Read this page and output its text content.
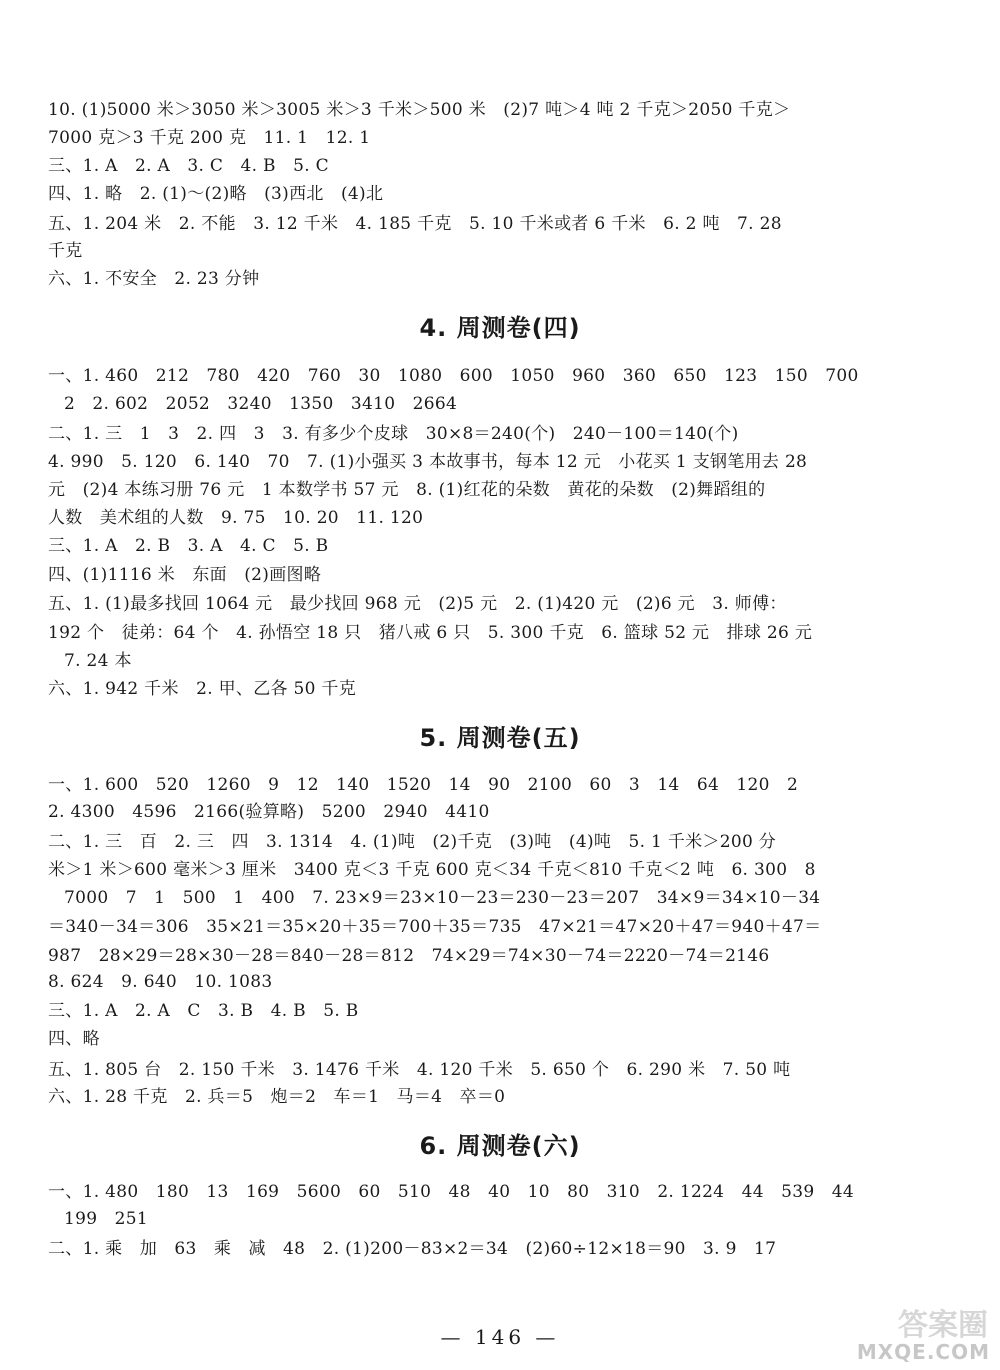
10. (1)5000 米＞3050 米＞3005 米＞3 千米＞500 米　(2)7 吨＞4 吨 2 千克＞2050 千克＞
7000 克＞3 千克 200 克　11. 1　12. 1
三、1. A　2. A　3. C　4. B　5. C
四、1. 略　2. (1)～(2)略　(3)西北　(4)北
五、1. 204 米　2. 不能　3. 12 千米　4. 185 千克　5. 10 千米或者 6 千米　6. 2 吨　7. 28
千克
六、1. 不安全　2. 23 分钟
4. 周测卷(四)
一、1. 460　212　780　420　760　30　1080　600　1050　960　360　650　123　150　700
2　2. 602　2052　3240　1350　3410　2664
二、1. 三　1　3　2. 四　3　3. 有多少个皮球　30×8＝240(个)　240－100＝140(个)
4. 990　5. 120　6. 140　70　7. (1)小强买 3 本故事书，每本 12 元　小花买 1 支钢笔用去 28
元　(2)4 本练习册 76 元　1 本数学书 57 元　8. (1)红花的朵数　黄花的朵数　(2)舞蹈组的
人数　美术组的人数　9. 75　10. 20　11. 120
三、1. A　2. B　3. A　4. C　5. B
四、(1)1116 米　东面　(2)画图略
五、1. (1)最多找回 1064 元　最少找回 968 元　(2)5 元　2. (1)420 元　(2)6 元　3. 师傅：
192 个　徒弟：64 个　4. 孙悟空 18 只　猪八戒 6 只　5. 300 千克　6. 篮球 52 元　排球 26 元
7. 24 本
六、1. 942 千米　2. 甲、乙各 50 千克
5. 周测卷(五)
一、1. 600　520　1260　9　12　140　1520　14　90　2100　60　3　14　64　120　2
2. 4300　4596　2166(验算略)　5200　2940　4410
二、1. 三　百　2. 三　四　3. 1314　4. (1)吨　(2)千克　(3)吨　(4)吨　5. 1 千米＞200 分
米＞1 米＞600 毫米＞3 厘米　3400 克＜3 千克 600 克＜34 千克＜810 千克＜2 吨　6. 300　8
7000　7　1　500　1　400　7. 23×9＝23×10－23＝230－23＝207　34×9＝34×10－34
＝340－34＝306　35×21＝35×20＋35＝700＋35＝735　47×21＝47×20＋47＝940＋47＝
987　28×29＝28×30－28＝840－28＝812　74×29＝74×30－74＝2220－74＝2146
8. 624　9. 640　10. 1083
三、1. A　2. A　C　3. B　4. B　5. B
四、略
五、1. 805 台　2. 150 千米　3. 1476 千米　4. 120 千米　5. 650 个　6. 290 米　7. 50 吨
六、1. 28 千克　2. 兵＝5　炮＝2　车＝1　马＝4　卒＝0
6. 周测卷(六)
一、1. 480　180　13　169　5600　60　510　48　40　10　80　310　2. 1224　44　539　44
199　251
二、1. 乘　加　63　乘　减　48　2. (1)200－83×2＝34　(2)60÷12×18＝90　3. 9　17
— 146 —	答案圈
MXQE.COM
